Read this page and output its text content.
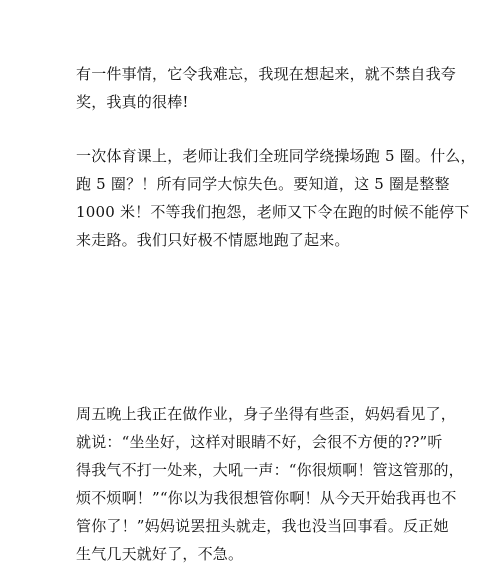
有一件事情，它令我难忘，我现在想起来，就不禁自我夸
奖，我真的很棒!
一次体育课上，老师让我们全班同学绕操场跑 5 圈。什么，
跑 5 圈？！所有同学大惊失色。要知道，这 5 圈是整整
1000 米！不等我们抱怨，老师又下令在跑的时候不能停下
来走路。我们只好极不情愿地跑了起来。
周五晚上我正在做作业，身子坐得有些歪，妈妈看见了，
就说：“坐坐好，这样对眼睛不好，会很不方便的??”听
得我气不打一处来，大吼一声：“你很烦啊！管这管那的，
烦不烦啊！”“你以为我很想管你啊！从今天开始我再也不
管你了！”妈妈说罢扭头就走，我也没当回事看。反正她
生气几天就好了，不急。
